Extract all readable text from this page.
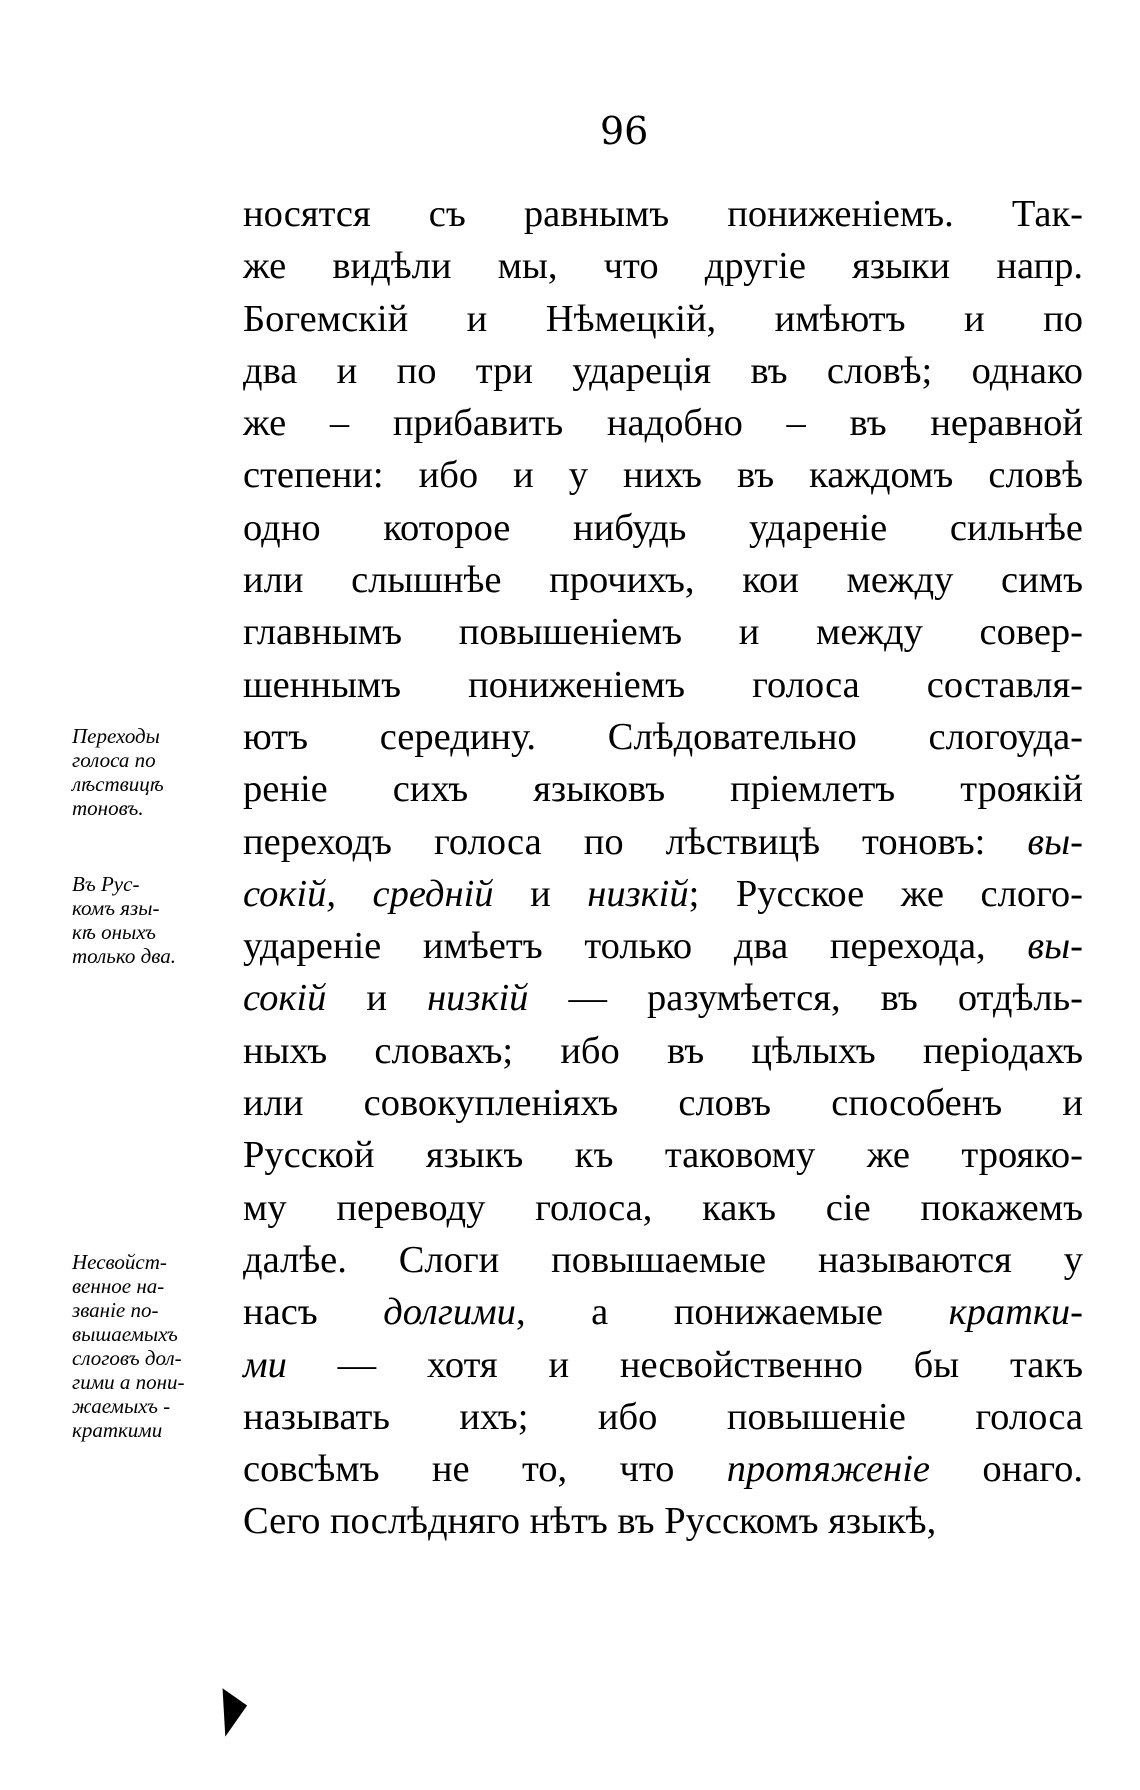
96
носятся съ равнымъ пониженіемъ. Так-
же видѣли мы, что другіе языки напр.
Богемскій и Нѣмецкій, имѣютъ и по
два и по три удареція въ словѣ; однако
же – прибавить надобно – въ неравной
степени: ибо и у нихъ въ каждомъ словѣ
одно которое нибудь удареніе сильнѣе
или слышнѣе прочихъ, кои между симъ
главнымъ повышеніемъ и между совер-
шеннымъ пониженіемъ голоса составля-
ютъ середину. Слѣдовательно слогоуда-
реніе сихъ языковъ пріемлетъ троякій
переходъ голоса по лѣствицѣ тоновъ: вы-
сокій, средній и низкій; Русское же слого-
удареніе имѣетъ только два перехода, вы-
сокій и низкій — разумѣется, въ отдѣль-
ныхъ словахъ; ибо въ цѣлыхъ періодахъ
или совокупленіяхъ словъ способенъ и
Русской языкъ къ таковому же трояко-
му переводу голоса, какъ сіе покажемъ
далѣе. Слоги повышаемые называются у
насъ долгими, а понижаемые кратки-
ми — хотя и несвойственно бы такъ
называть ихъ; ибо повышеніе голоса
совсѣмъ не то, что протяженіе онаго.
Сего послѣдняго нѣтъ въ Русскомъ языкѣ,
Переходы
голоса по
лѣствицѣ
тоновъ.
Въ Рус-
комъ язы-
кѣ оныхъ
только два.
Несвойст-
венное на-
званіе по-
вышаемыхъ
слоговъ дол-
гими а пони-
жаемыхъ -
краткими
